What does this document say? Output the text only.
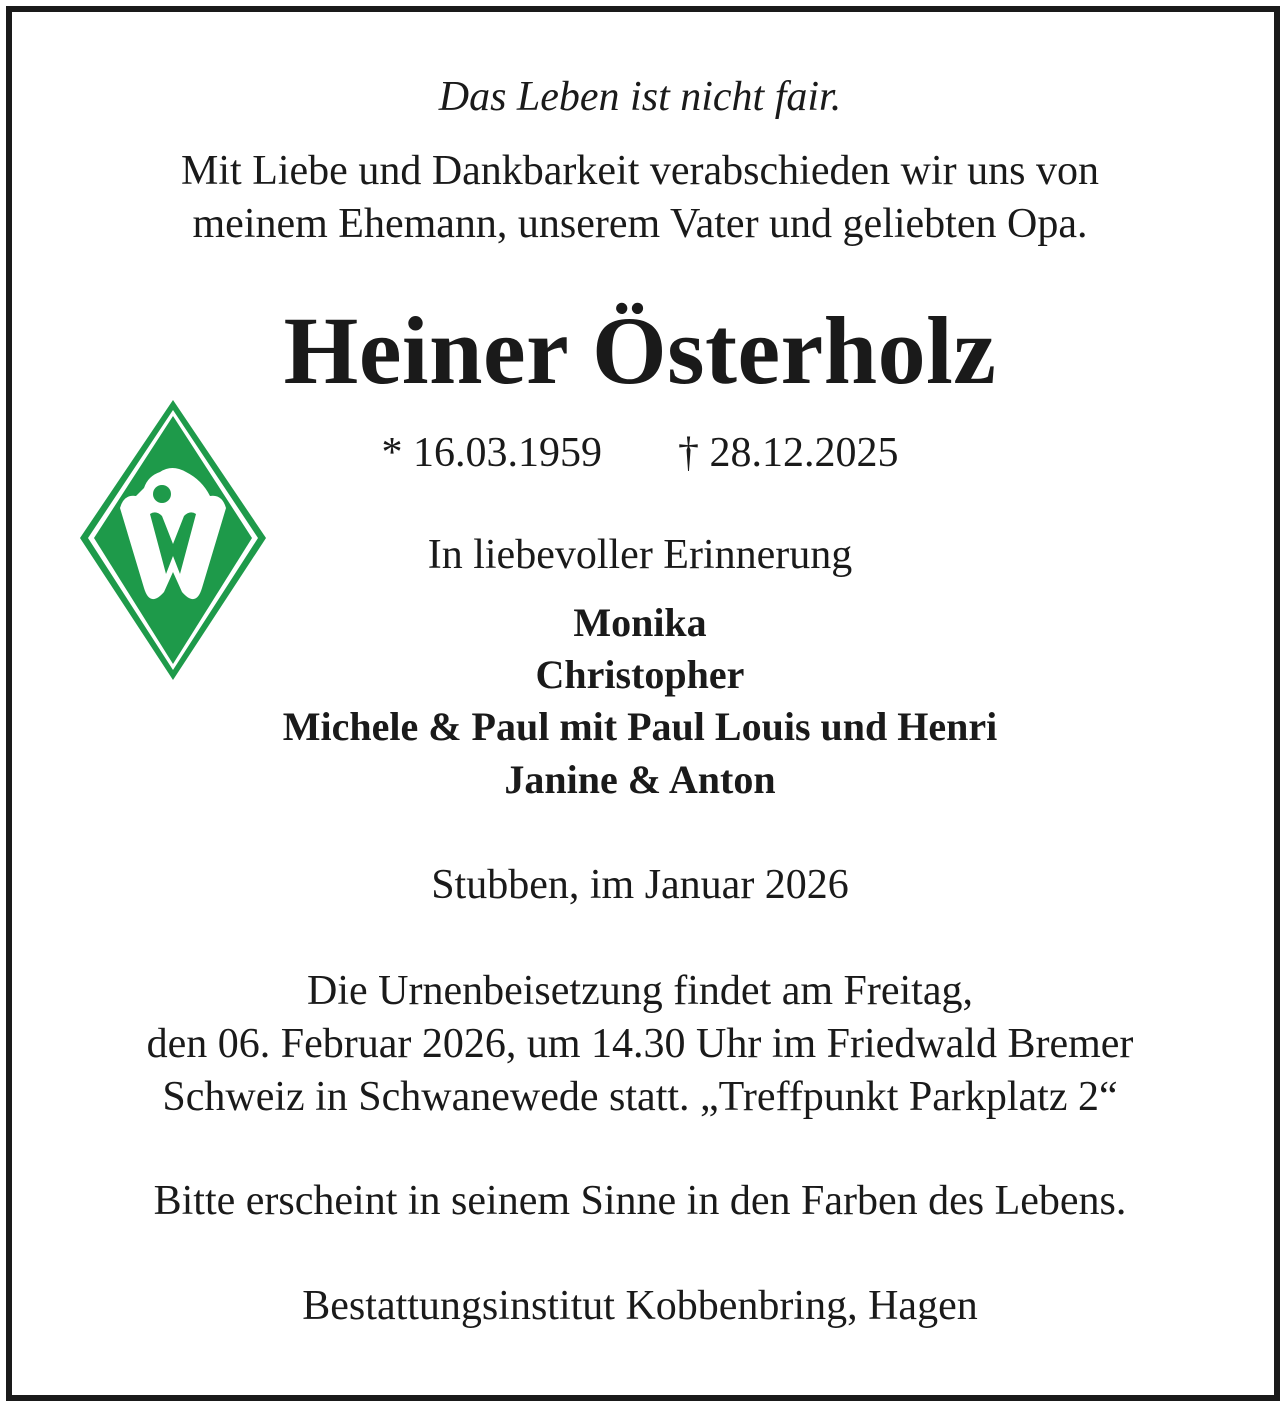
Das Leben ist nicht fair.
Mit Liebe und Dankbarkeit verabschieden wir uns von
meinem Ehemann, unserem Vater und geliebten Opa.
Heiner Österholz
* 16.03.1959 † 28.12.2025
In liebevoller Erinnerung
Monika
Christopher
Michele & Paul mit Paul Louis und Henri
Janine & Anton
Stubben, im Januar 2026
Die Urnenbeisetzung findet am Freitag,
den 06. Februar 2026, um 14.30 Uhr im Friedwald Bremer
Schweiz in Schwanewede statt. „Treffpunkt Parkplatz 2“
Bitte erscheint in seinem Sinne in den Farben des Lebens.
Bestattungsinstitut Kobbenbring, Hagen
